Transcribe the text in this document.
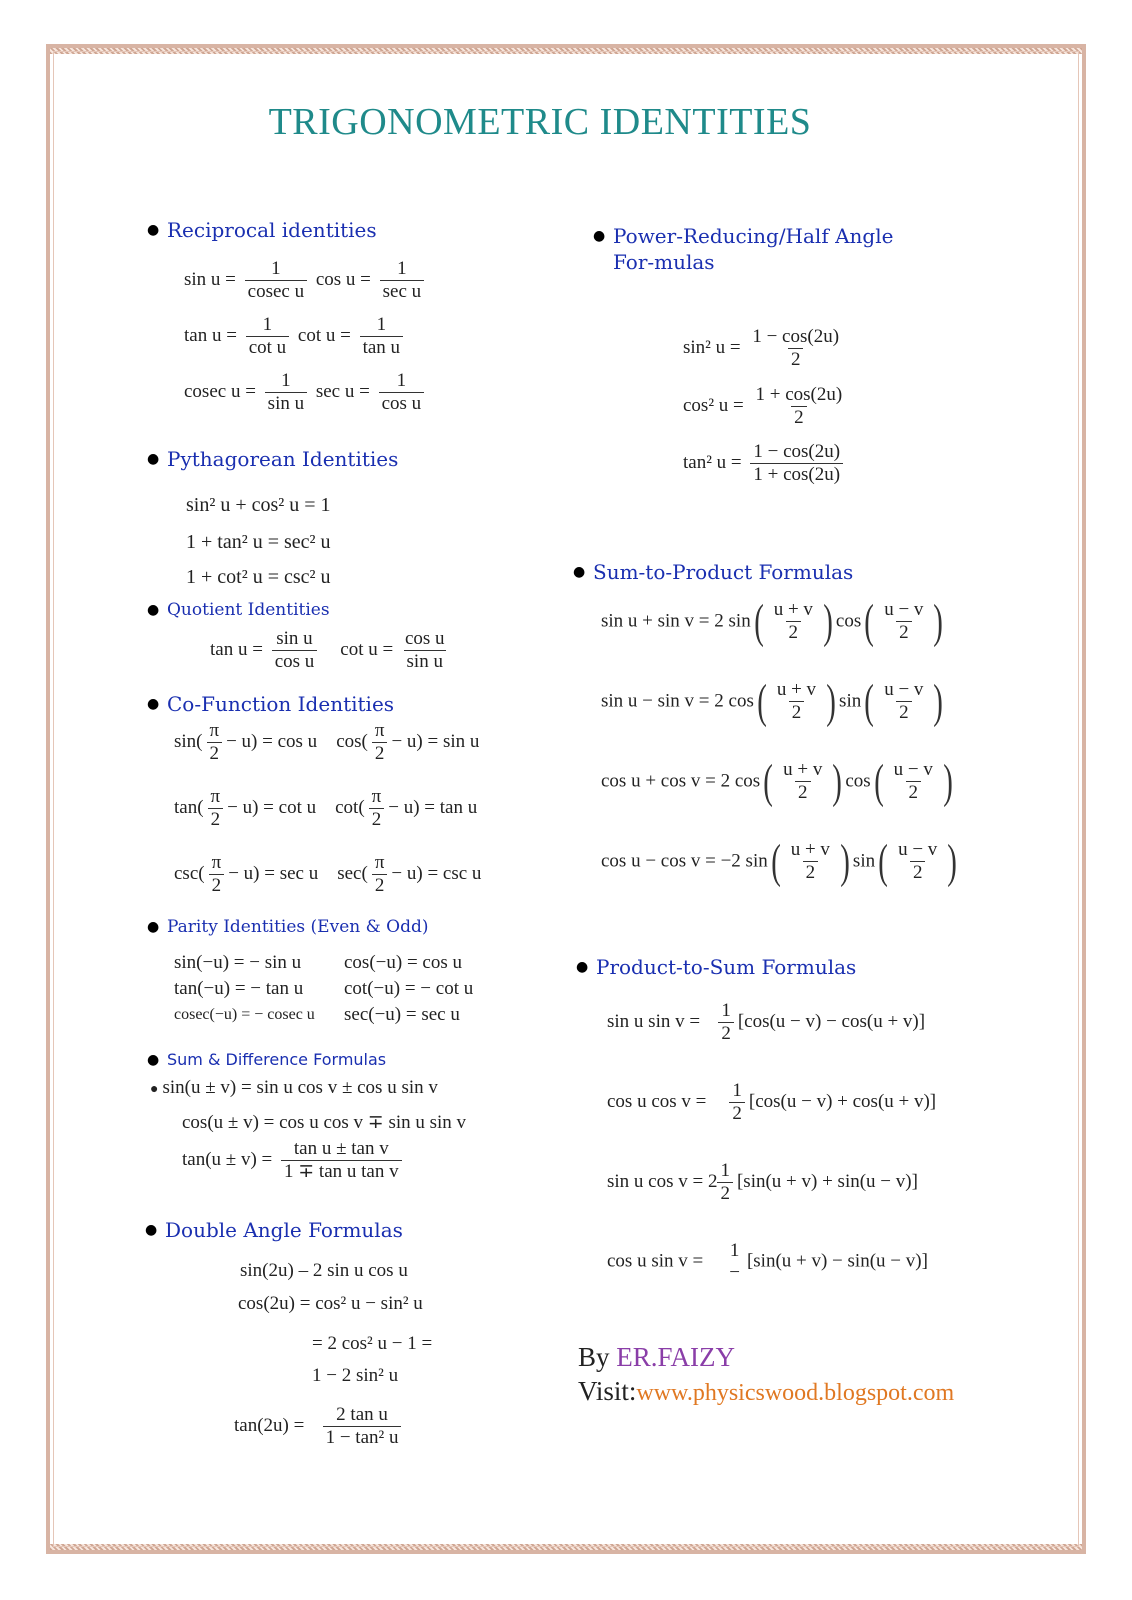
TRIGONOMETRIC IDENTITIES
● Reciprocal identities
$\sin u = \frac{1}{\text{cosec u}}$ $\cos u = \frac{1}{\text{sec u}}$
$\tan u = \frac{1}{\text{cot u}}$ $\cot u = \frac{1}{\text{tan u}}$
cosec $u = \frac{1}{\text{sin u}}$ $\sec u = \frac{1}{\text{cos u}}$
● Pythagorean Identities
sin² u + cos² u = 1
1 + tan² u = sec² u
1 + cot² u = csc² u
● Quotient Identities
$\tan u = \frac{\text{sin u}}{\text{cos u}}$ $\cot u = \frac{\text{cos u}}{\text{sin u}}$
● Co-Function Identities
$\sin( \frac{\pi}{2} - u) = \cos u$ $\cos( \frac{\pi}{2} - u) = \sin u$
$\tan( \frac{\pi}{2} - u) = \cot u$ $\cot( \frac{\pi}{2} - u) = \tan u$
$\csc( \frac{\pi}{2} - u) = \sec u$ $\sec( \frac{\pi}{2} - u) = \csc u$
● Parity Identities (Even & Odd)
sin(−u) = − sin u cos(−u) = cos u
tan(−u) = − tan u cot(−u) = − cot u
cosec(−u) = − cosec u sec(−u) = sec u
● Sum & Difference Formulas
● sin(u ± v) = sin u cos v ± cos u sin v
cos(u ± v) = cos u cos v ∓ sin u sin v
$\tan(u \pm v) = \frac{\text{tan u ± tan v}}{\text{1 ∓ tan u tan v}}$
● Double Angle Formulas
sin(2u) – 2 sin u cos u
cos(2u) = cos² u − sin² u
= 2 cos² u − 1 =
1 − 2 sin² u
$\tan(2u) = \frac{\text{2 tan u}}{\text{1 − tan² u}}$
● Power-Reducing/Half Angle
For-mulas
sin² $u = \frac{1 - \cos(2u)}{2}$
cos² $u = \frac{1 + \cos(2u)}{2}$
tan² $u = \frac{1 - \cos(2u)}{1 + \cos(2u)}$
● Sum-to-Product Formulas
sin u + sin v = 2 $\sin( \frac{u + v}{2}$ ) $\cos( \frac{u - v}{2}$ )
sin u − sin v = 2 $\cos( \frac{u + v}{2}$ ) $\sin( \frac{u - v}{2}$ )
cos u + cos v = 2 $\cos( \frac{u + v}{2}$ ) $\cos( \frac{u - v}{2}$ )
cos u − cos v = −2 $\sin( \frac{u + v}{2}$ ) $\sin( \frac{u - v}{2}$ )
● Product-to-Sum Formulas
sin u $\sin v = \frac{1}{2} [\cos(u - v) - \cos(u + v)]$
cos u $\cos v = \frac{1}{2} [\cos(u - v) + \cos(u + v)]$
sin u $\cos v = 2 \frac{1}{2} [\sin(u + v) + \sin(u - v)]$
cos u sin v =
1
−
[sin(u + v) − sin(u − v)]
By ER.FAIZY
Visit:www.physicswood.blogspot.com
